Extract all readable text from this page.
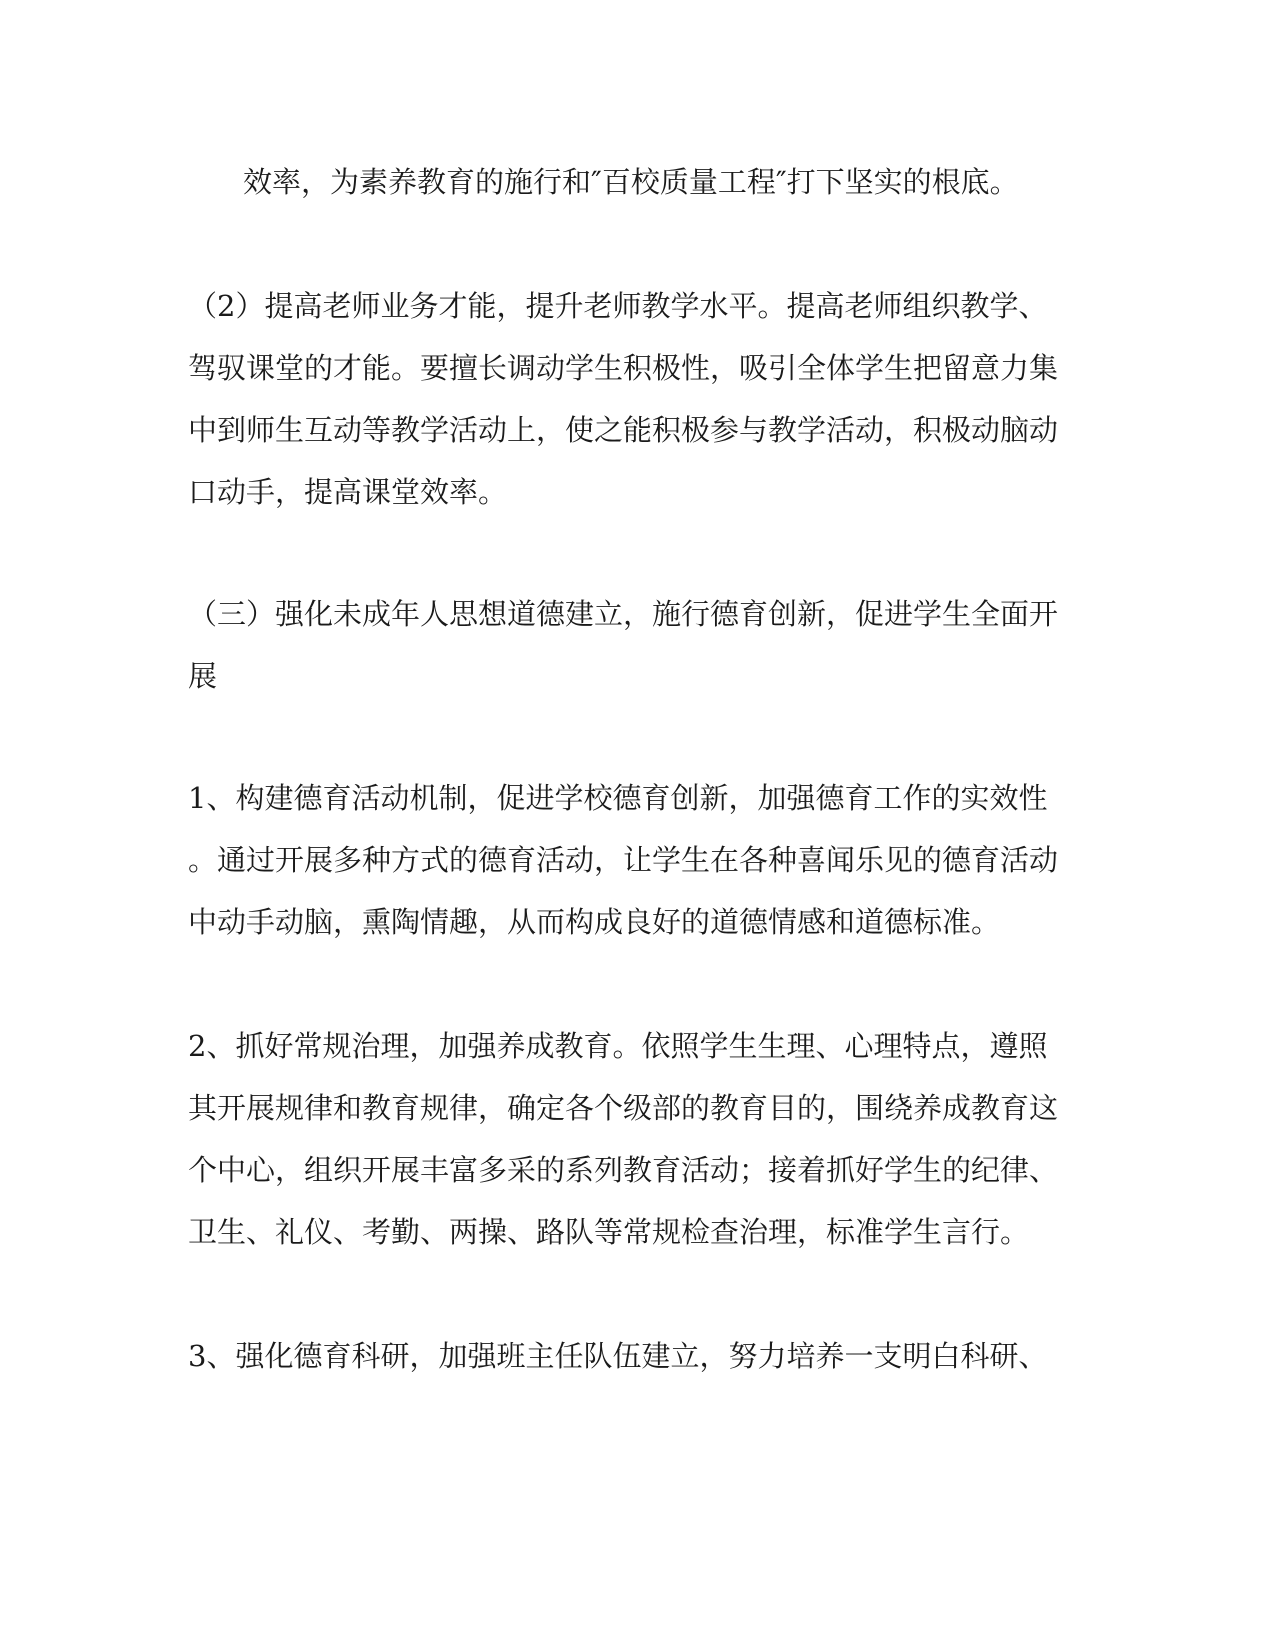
效率，为素养教育的施行和″百校质量工程″打下坚实的根底。
（2）提高老师业务才能，提升老师教学水平。提高老师组织教学、
驾驭课堂的才能。要擅长调动学生积极性，吸引全体学生把留意力集
中到师生互动等教学活动上，使之能积极参与教学活动，积极动脑动
口动手，提高课堂效率。
（三）强化未成年人思想道德建立，施行德育创新，促进学生全面开
展
1、构建德育活动机制，促进学校德育创新，加强德育工作的实效性
。通过开展多种方式的德育活动，让学生在各种喜闻乐见的德育活动
中动手动脑，熏陶情趣，从而构成良好的道德情感和道德标准。
2、抓好常规治理，加强养成教育。依照学生生理、心理特点，遵照
其开展规律和教育规律，确定各个级部的教育目的，围绕养成教育这
个中心，组织开展丰富多采的系列教育活动；接着抓好学生的纪律、
卫生、礼仪、考勤、两操、路队等常规检查治理，标准学生言行。
3、强化德育科研，加强班主任队伍建立，努力培养一支明白科研、
